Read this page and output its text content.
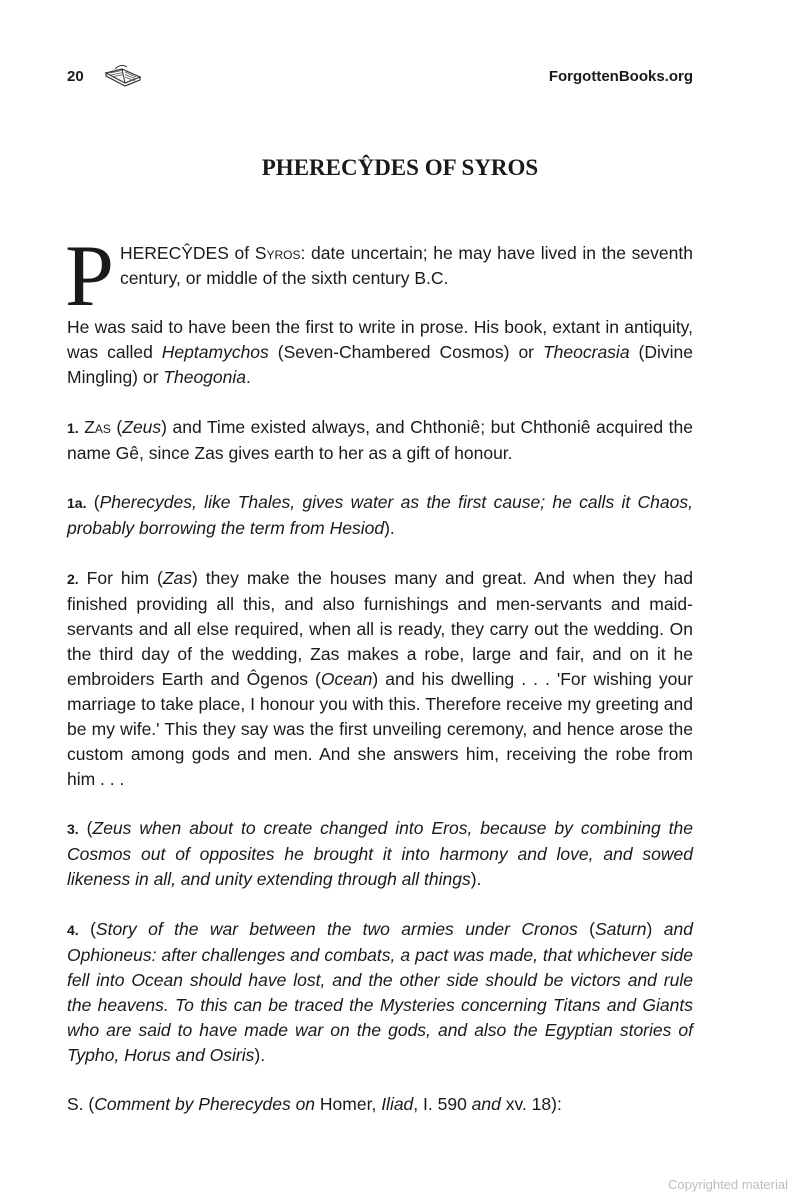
20	ForgottenBooks.org
PHERECŶDES OF SYROS

PHERECŶDES of Syros: date uncertain; he may have lived in the seventh century, or middle of the sixth century B.C.

He was said to have been the first to write in prose. His book, extant in antiquity, was called Heptamychos (Seven-Chambered Cosmos) or Theocrasia (Divine Mingling) or Theogonia.

1. Zas (Zeus) and Time existed always, and Chthoniê; but Chthoniê acquired the name Gê, since Zas gives earth to her as a gift of honour.

1a. (Pherecydes, like Thales, gives water as the first cause; he calls it Chaos, probably borrowing the term from Hesiod).

2. For him (Zas) they make the houses many and great. And when they had finished providing all this, and also furnishings and men-servants and maid-servants and all else required, when all is ready, they carry out the wedding. On the third day of the wedding, Zas makes a robe, large and fair, and on it he embroiders Earth and Ôgenos (Ocean) and his dwelling . . . 'For wishing your marriage to take place, I honour you with this. Therefore receive my greeting and be my wife.' This they say was the first unveiling ceremony, and hence arose the custom among gods and men. And she answers him, receiving the robe from him . . .

3. (Zeus when about to create changed into Eros, because by combining the Cosmos out of opposites he brought it into harmony and love, and sowed likeness in all, and unity extending through all things).

4. (Story of the war between the two armies under Cronos (Saturn) and Ophioneus: after challenges and combats, a pact was made, that whichever side fell into Ocean should have lost, and the other side should be victors and rule the heavens. To this can be traced the Mysteries concerning Titans and Giants who are said to have made war on the gods, and also the Egyptian stories of Typho, Horus and Osiris).

S. (Comment by Pherecydes on Homer, Iliad, I. 590 and xv. 18):

Copyrighted material
